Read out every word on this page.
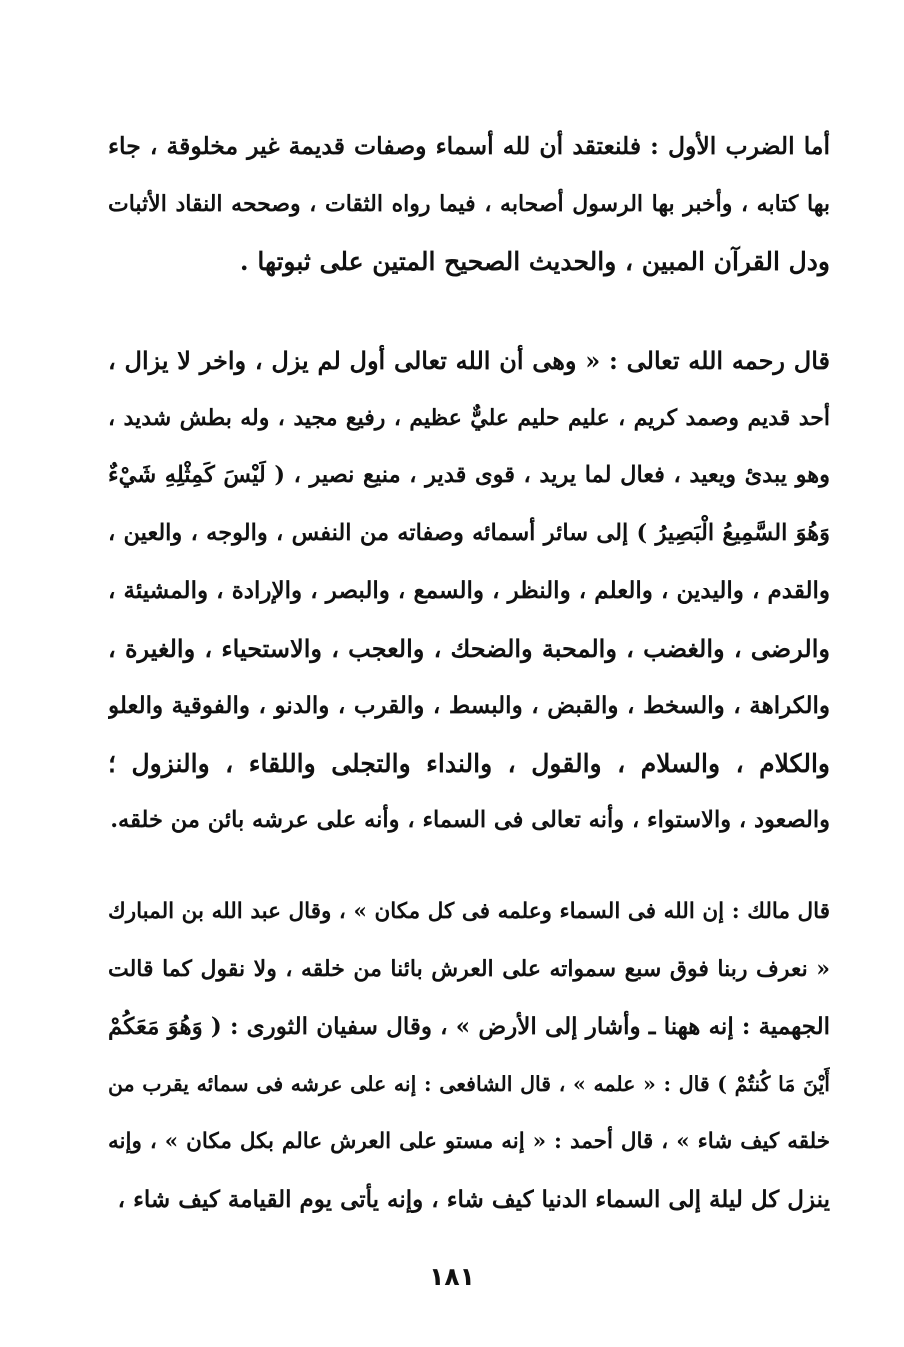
أما الضرب الأول : فلنعتقد أن لله أسماء وصفات قديمة غير مخلوقة ، جاء
بها كتابه ، وأخبر بها الرسول أصحابه ، فيما رواه الثقات ، وصححه النقاد الأثبات
ودل القرآن المبين ، والحديث الصحيح المتين على ثبوتها .
قال رحمه الله تعالى : « وهى أن الله تعالى أول لم يزل ، واخر لا يزال ،
أحد قديم وصمد كريم ، عليم حليم عليٌّ عظيم ، رفيع مجيد ، وله بطش شديد ،
وهو يبدئ ويعيد ، فعال لما يريد ، قوى قدير ، منيع نصير ، ( لَيْسَ كَمِثْلِهِ شَيْءٌ
وَهُوَ السَّمِيعُ الْبَصِيرُ ) إلى سائر أسمائه وصفاته من النفس ، والوجه ، والعين ،
والقدم ، واليدين ، والعلم ، والنظر ، والسمع ، والبصر ، والإرادة ، والمشيئة ،
والرضى ، والغضب ، والمحبة والضحك ، والعجب ، والاستحياء ، والغيرة ،
والكراهة ، والسخط ، والقبض ، والبسط ، والقرب ، والدنو ، والفوقية والعلو
والكلام ، والسلام ، والقول ، والنداء والتجلى واللقاء ، والنزول ؛
والصعود ، والاستواء ، وأنه تعالى فى السماء ، وأنه على عرشه بائن من خلقه.
قال مالك : إن الله فى السماء وعلمه فى كل مكان » ، وقال عبد الله بن المبارك
« نعرف ربنا فوق سبع سمواته على العرش بائنا من خلقه ، ولا نقول كما قالت
الجهمية : إنه ههنا ـ وأشار إلى الأرض » ، وقال سفيان الثورى : ( وَهُوَ مَعَكُمْ
أَيْنَ مَا كُنتُمْ ) قال : « علمه » ، قال الشافعى : إنه على عرشه فى سمائه يقرب من
خلقه كيف شاء » ، قال أحمد : « إنه مستو على العرش عالم بكل مكان » ، وإنه
ينزل كل ليلة إلى السماء الدنيا كيف شاء ، وإنه يأتى يوم القيامة كيف شاء ،
١٨١
